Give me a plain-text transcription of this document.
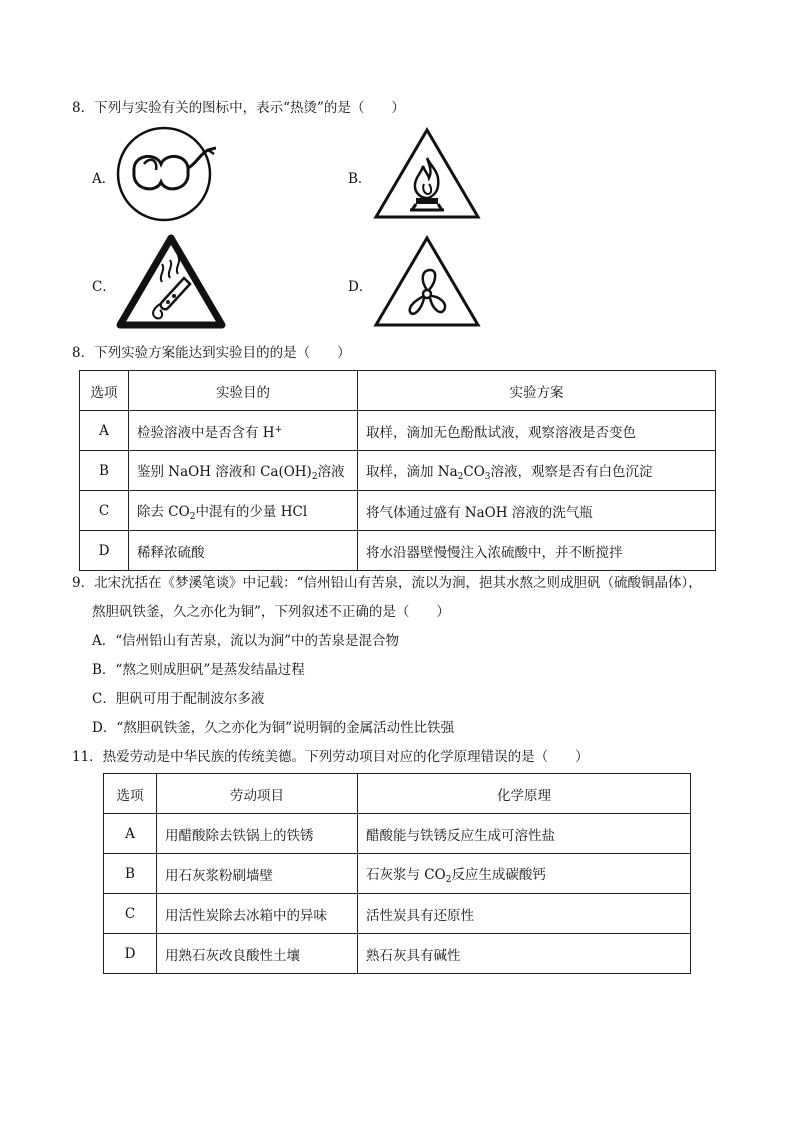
8．下列与实验有关的图标中，表示“热烫”的是（　　）
A．	B．
C．	D．
8．下列实验方案能达到实验目的的是（　　）
选项	实验目的	实验方案
A	检验溶液中是否含有 H+	取样，滴加无色酚酞试液，观察溶液是否变色
B	鉴别 NaOH 溶液和 $Ca(OH)_2$溶液	取样，滴加 $Na_2CO_3$溶液，观察是否有白色沉淀
C	除去 $CO_2$中混有的少量 HCl	将气体通过盛有 NaOH 溶液的洗气瓶
D	稀释浓硫酸	将水沿器壁慢慢注入浓硫酸中，并不断搅拌
9．北宋沈括在《梦溪笔谈》中记载：“信州铅山有苦泉，流以为涧，挹其水熬之则成胆矾（硫酸铜晶体），
熬胆矾铁釜，久之亦化为铜”，下列叙述不正确的是（　　）
A．“信州铅山有苦泉，流以为涧”中的苦泉是混合物
B．“熬之则成胆矾”是蒸发结晶过程
C．胆矾可用于配制波尔多液
D．“熬胆矾铁釜，久之亦化为铜”说明铜的金属活动性比铁强
11．热爱劳动是中华民族的传统美德。下列劳动项目对应的化学原理错误的是（　　）
选项	劳动项目	化学原理
A	用醋酸除去铁锅上的铁锈	醋酸能与铁锈反应生成可溶性盐
B	用石灰浆粉刷墙壁	石灰浆与 $CO_2$反应生成碳酸钙
C	用活性炭除去冰箱中的异味	活性炭具有还原性
D	用熟石灰改良酸性土壤	熟石灰具有碱性
